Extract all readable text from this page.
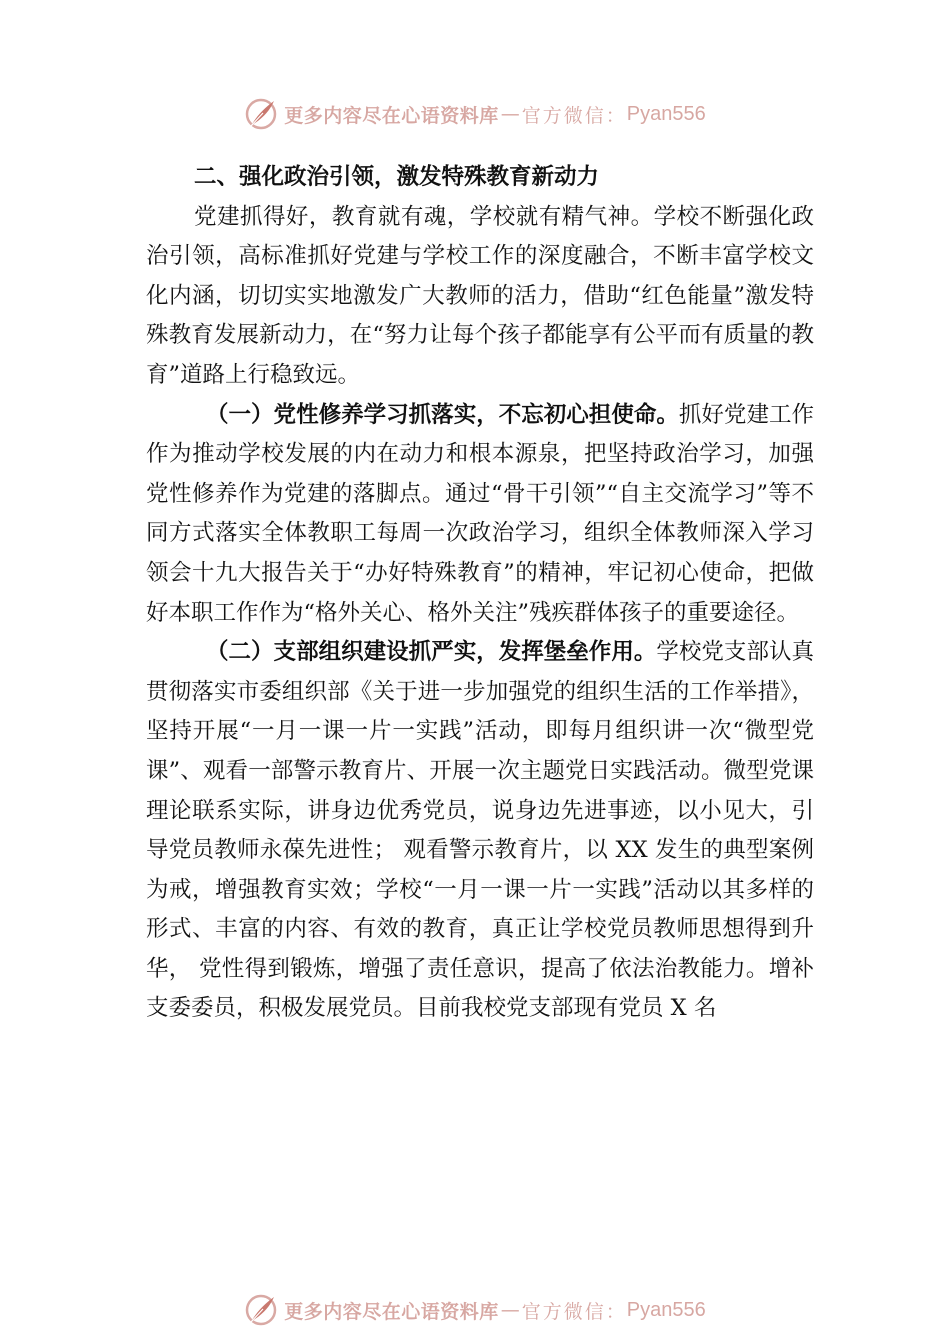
更多内容尽在心语资料库 — 官方微信： Pyan556

二、强化政治引领，激发特殊教育新动力

党建抓得好，教育就有魂，学校就有精气神。学校不断强化政治引领，高标准抓好党建与学校工作的深度融合，不断丰富学校文化内涵，切切实实地激发广大教师的活力，借助“红色能量”激发特殊教育发展新动力，在“努力让每个孩子都能享有公平而有质量的教育”道路上行稳致远。

（一）党性修养学习抓落实，不忘初心担使命。抓好党建工作作为推动学校发展的内在动力和根本源泉，把坚持政治学习，加强党性修养作为党建的落脚点。通过“骨干引领”“自主交流学习”等不同方式落实全体教职工每周一次政治学习，组织全体教师深入学习领会十九大报告关于“办好特殊教育”的精神，牢记初心使命，把做好本职工作作为“格外关心、格外关注”残疾群体孩子的重要途径。

（二）支部组织建设抓严实，发挥堡垒作用。学校党支部认真贯彻落实市委组织部《关于进一步加强党的组织生活的工作举措》，坚持开展“一月一课一片一实践”活动，即每月组织讲一次“微型党课”、观看一部警示教育片、开展一次主题党日实践活动。微型党课理论联系实际，讲身边优秀党员，说身边先进事迹，以小见大，引导党员教师永葆先进性； 观看警示教育片，以 XX 发生的典型案例为戒，增强教育实效；学校“一月一课一片一实践”活动以其多样的形式、丰富的内容、有效的教育，真正让学校党员教师思想得到升华， 党性得到锻炼，增强了责任意识，提高了依法治教能力。增补支委委员，积极发展党员。目前我校党支部现有党员 X 名

更多内容尽在心语资料库 — 官方微信： Pyan556
